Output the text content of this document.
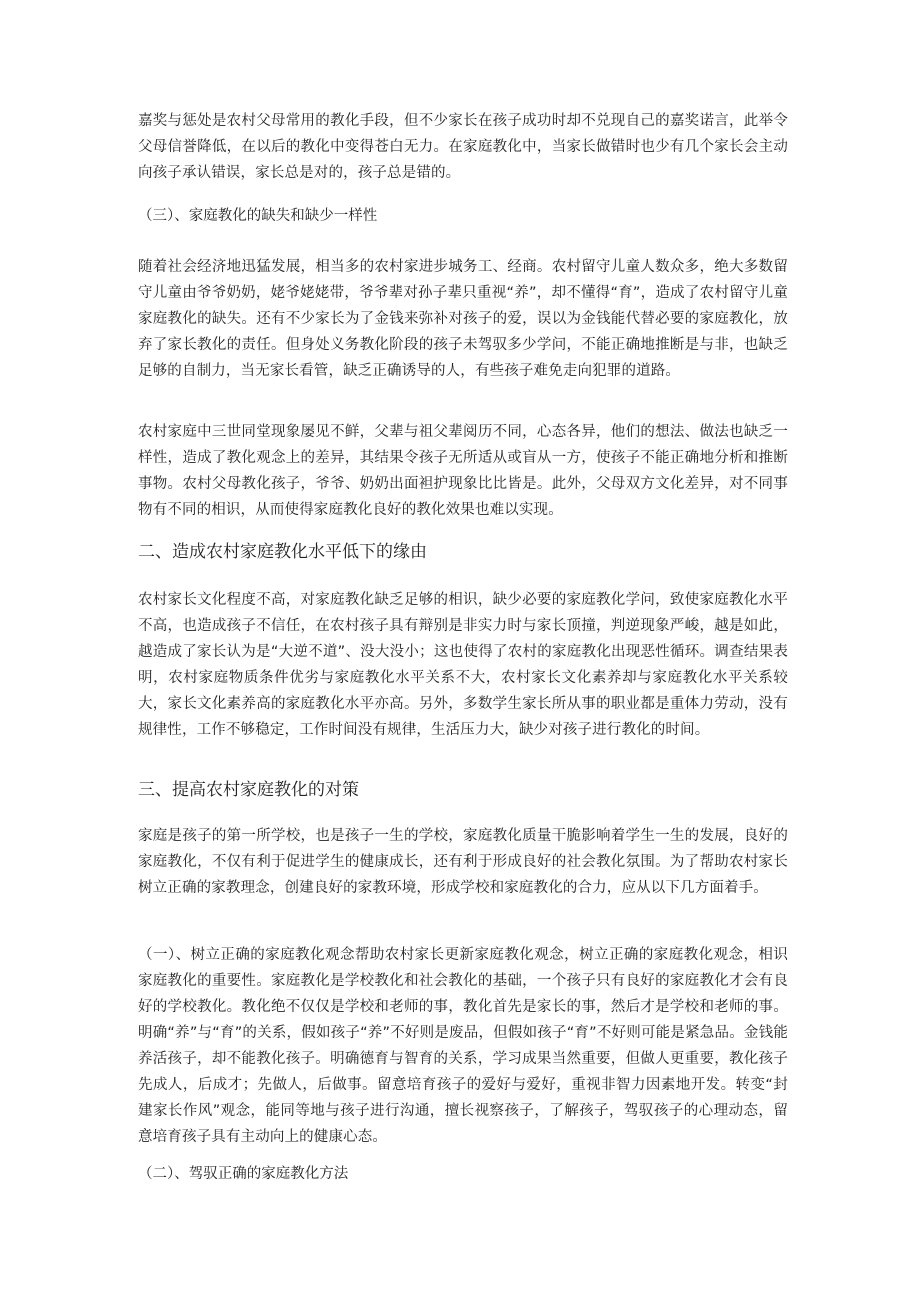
嘉奖与惩处是农村父母常用的教化手段，但不少家长在孩子成功时却不兑现自己的嘉奖诺言，此举令父母信誉降低，在以后的教化中变得苍白无力。在家庭教化中，当家长做错时也少有几个家长会主动向孩子承认错误，家长总是对的，孩子总是错的。

（三）、家庭教化的缺失和缺少一样性

随着社会经济地迅猛发展，相当多的农村家进步城务工、经商。农村留守儿童人数众多，绝大多数留守儿童由爷爷奶奶，姥爷姥姥带，爷爷辈对孙子辈只重视“养”，却不懂得“育”，造成了农村留守儿童家庭教化的缺失。还有不少家长为了金钱来弥补对孩子的爱，误以为金钱能代替必要的家庭教化，放弃了家长教化的责任。但身处义务教化阶段的孩子未驾驭多少学问，不能正确地推断是与非，也缺乏足够的自制力，当无家长看管，缺乏正确诱导的人，有些孩子难免走向犯罪的道路。

农村家庭中三世同堂现象屡见不鲜，父辈与祖父辈阅历不同，心态各异，他们的想法、做法也缺乏一样性，造成了教化观念上的差异，其结果令孩子无所适从或盲从一方，使孩子不能正确地分析和推断事物。农村父母教化孩子，爷爷、奶奶出面袒护现象比比皆是。此外，父母双方文化差异，对不同事物有不同的相识，从而使得家庭教化良好的教化效果也难以实现。

二、造成农村家庭教化水平低下的缘由

农村家长文化程度不高，对家庭教化缺乏足够的相识，缺少必要的家庭教化学问，致使家庭教化水平不高，也造成孩子不信任，在农村孩子具有辩别是非实力时与家长顶撞，判逆现象严峻，越是如此，越造成了家长认为是“大逆不道”、没大没小；这也使得了农村的家庭教化出现恶性循环。调查结果表明，农村家庭物质条件优劣与家庭教化水平关系不大，农村家长文化素养却与家庭教化水平关系较大，家长文化素养高的家庭教化水平亦高。另外，多数学生家长所从事的职业都是重体力劳动，没有规律性，工作不够稳定，工作时间没有规律，生活压力大，缺少对孩子进行教化的时间。

三、提高农村家庭教化的对策

家庭是孩子的第一所学校，也是孩子一生的学校，家庭教化质量干脆影响着学生一生的发展，良好的家庭教化，不仅有利于促进学生的健康成长，还有利于形成良好的社会教化氛围。为了帮助农村家长树立正确的家教理念，创建良好的家教环境，形成学校和家庭教化的合力，应从以下几方面着手。

（一）、树立正确的家庭教化观念帮助农村家长更新家庭教化观念，树立正确的家庭教化观念，相识家庭教化的重要性。家庭教化是学校教化和社会教化的基础，一个孩子只有良好的家庭教化才会有良好的学校教化。教化绝不仅仅是学校和老师的事，教化首先是家长的事，然后才是学校和老师的事。明确“养”与“育”的关系，假如孩子“养”不好则是废品，但假如孩子“育”不好则可能是紧急品。金钱能养活孩子，却不能教化孩子。明确德育与智育的关系，学习成果当然重要，但做人更重要，教化孩子先成人，后成才；先做人，后做事。留意培育孩子的爱好与爱好，重视非智力因素地开发。转变“封建家长作风”观念，能同等地与孩子进行沟通，擅长视察孩子，了解孩子，驾驭孩子的心理动态，留意培育孩子具有主动向上的健康心态。

（二）、驾驭正确的家庭教化方法
